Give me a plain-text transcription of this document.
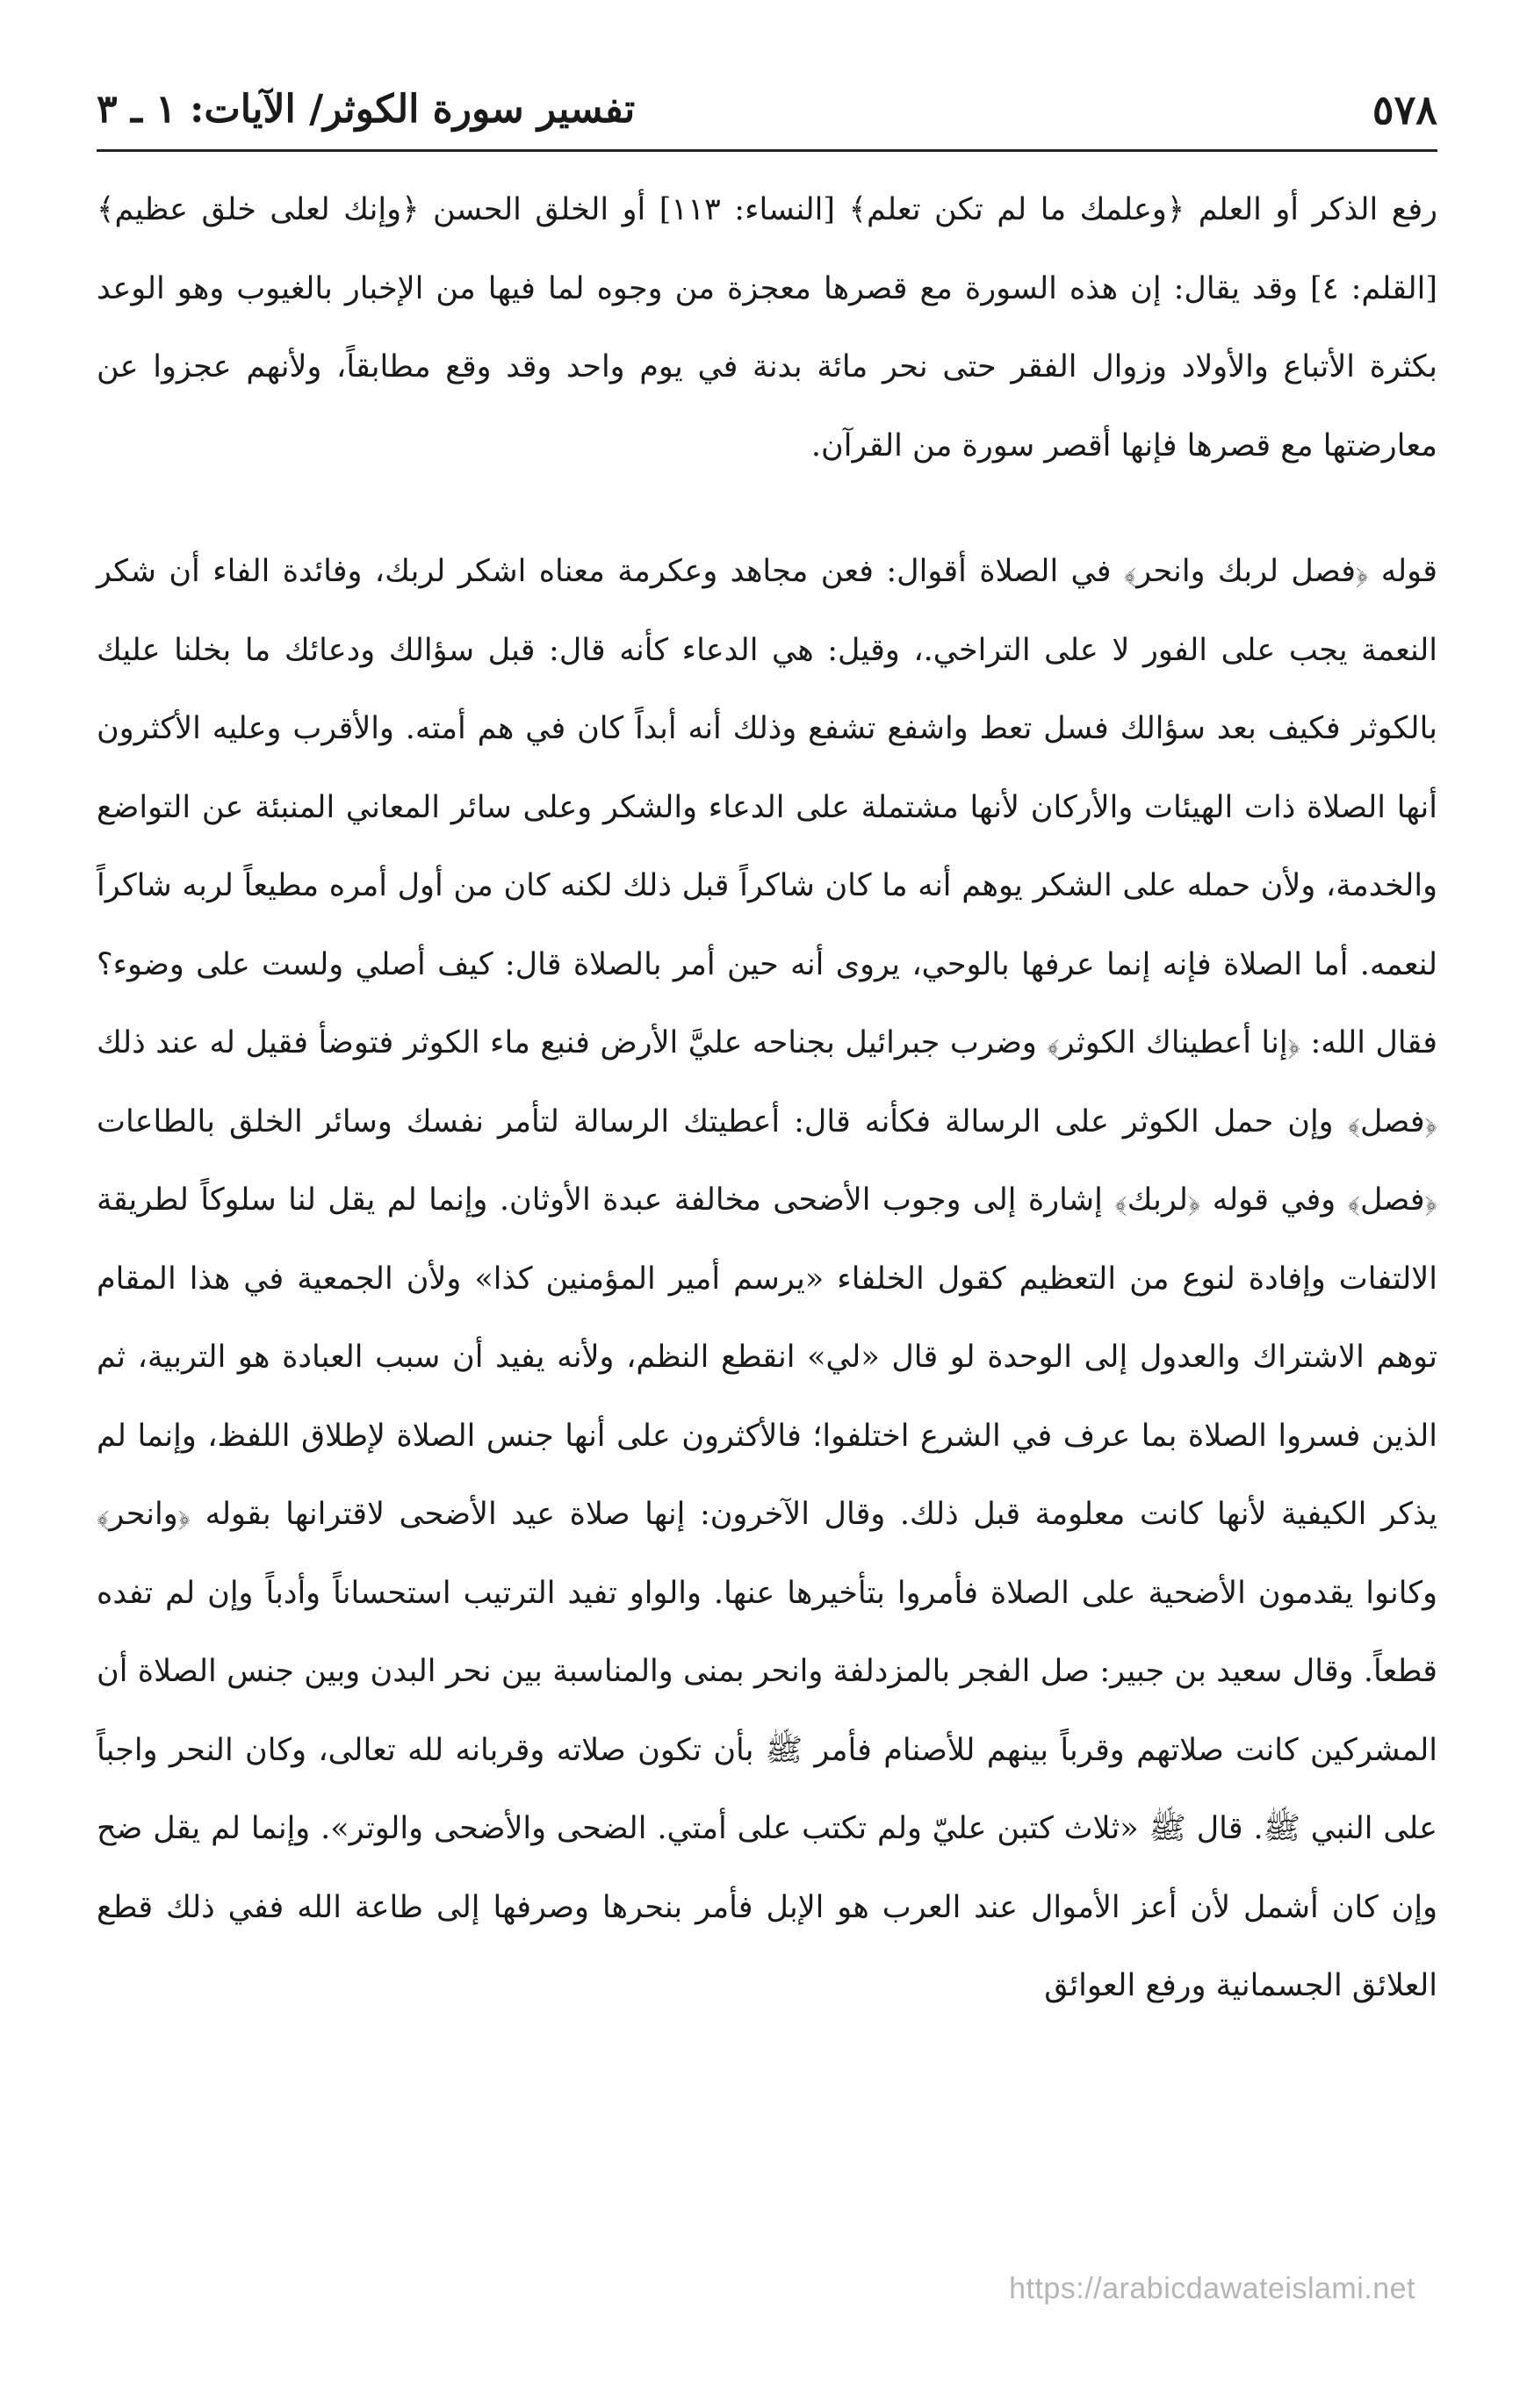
٥٧٨
تفسير سورة الكوثر/ الآيات: ١ ـ ٣

رفع الذكر أو العلم ﴿وعلمك ما لم تكن تعلم﴾ [النساء: ١١٣] أو الخلق الحسن ﴿وإنك لعلى خلق عظيم﴾ [القلم: ٤] وقد يقال: إن هذه السورة مع قصرها معجزة من وجوه لما فيها من الإخبار بالغيوب وهو الوعد بكثرة الأتباع والأولاد وزوال الفقر حتى نحر مائة بدنة في يوم واحد وقد وقع مطابقاً، ولأنهم عجزوا عن معارضتها مع قصرها فإنها أقصر سورة من القرآن.

قوله ﴿فصل لربك وانحر﴾ في الصلاة أقوال: فعن مجاهد وعكرمة معناه اشكر لربك، وفائدة الفاء أن شكر النعمة يجب على الفور لا على التراخي.، وقيل: هي الدعاء كأنه قال: قبل سؤالك ودعائك ما بخلنا عليك بالكوثر فكيف بعد سؤالك فسل تعط واشفع تشفع وذلك أنه أبداً كان في هم أمته. والأقرب وعليه الأكثرون أنها الصلاة ذات الهيئات والأركان لأنها مشتملة على الدعاء والشكر وعلى سائر المعاني المنبئة عن التواضع والخدمة، ولأن حمله على الشكر يوهم أنه ما كان شاكراً قبل ذلك لكنه كان من أول أمره مطيعاً لربه شاكراً لنعمه. أما الصلاة فإنه إنما عرفها بالوحي، يروى أنه حين أمر بالصلاة قال: كيف أصلي ولست على وضوء؟ فقال الله: ﴿إنا أعطيناك الكوثر﴾ وضرب جبرائيل بجناحه عليَّ الأرض فنبع ماء الكوثر فتوضأ فقيل له عند ذلك ﴿فصل﴾ وإن حمل الكوثر على الرسالة فكأنه قال: أعطيتك الرسالة لتأمر نفسك وسائر الخلق بالطاعات ﴿فصل﴾ وفي قوله ﴿لربك﴾ إشارة إلى وجوب الأضحى مخالفة عبدة الأوثان. وإنما لم يقل لنا سلوكاً لطريقة الالتفات وإفادة لنوع من التعظيم كقول الخلفاء «يرسم أمير المؤمنين كذا» ولأن الجمعية في هذا المقام توهم الاشتراك والعدول إلى الوحدة لو قال «لي» انقطع النظم، ولأنه يفيد أن سبب العبادة هو التربية، ثم الذين فسروا الصلاة بما عرف في الشرع اختلفوا؛ فالأكثرون على أنها جنس الصلاة لإطلاق اللفظ، وإنما لم يذكر الكيفية لأنها كانت معلومة قبل ذلك. وقال الآخرون: إنها صلاة عيد الأضحى لاقترانها بقوله ﴿وانحر﴾ وكانوا يقدمون الأضحية على الصلاة فأمروا بتأخيرها عنها. والواو تفيد الترتيب استحساناً وأدباً وإن لم تفده قطعاً. وقال سعيد بن جبير: صل الفجر بالمزدلفة وانحر بمنى والمناسبة بين نحر البدن وبين جنس الصلاة أن المشركين كانت صلاتهم وقرباً بينهم للأصنام فأمر ﷺ بأن تكون صلاته وقربانه لله تعالى، وكان النحر واجباً على النبي ﷺ. قال ﷺ «ثلاث كتبن عليّ ولم تكتب على أمتي. الضحى والأضحى والوتر». وإنما لم يقل ضح وإن كان أشمل لأن أعز الأموال عند العرب هو الإبل فأمر بنحرها وصرفها إلى طاعة الله ففي ذلك قطع العلائق الجسمانية ورفع العوائق

https://arabicdawateislami.net
